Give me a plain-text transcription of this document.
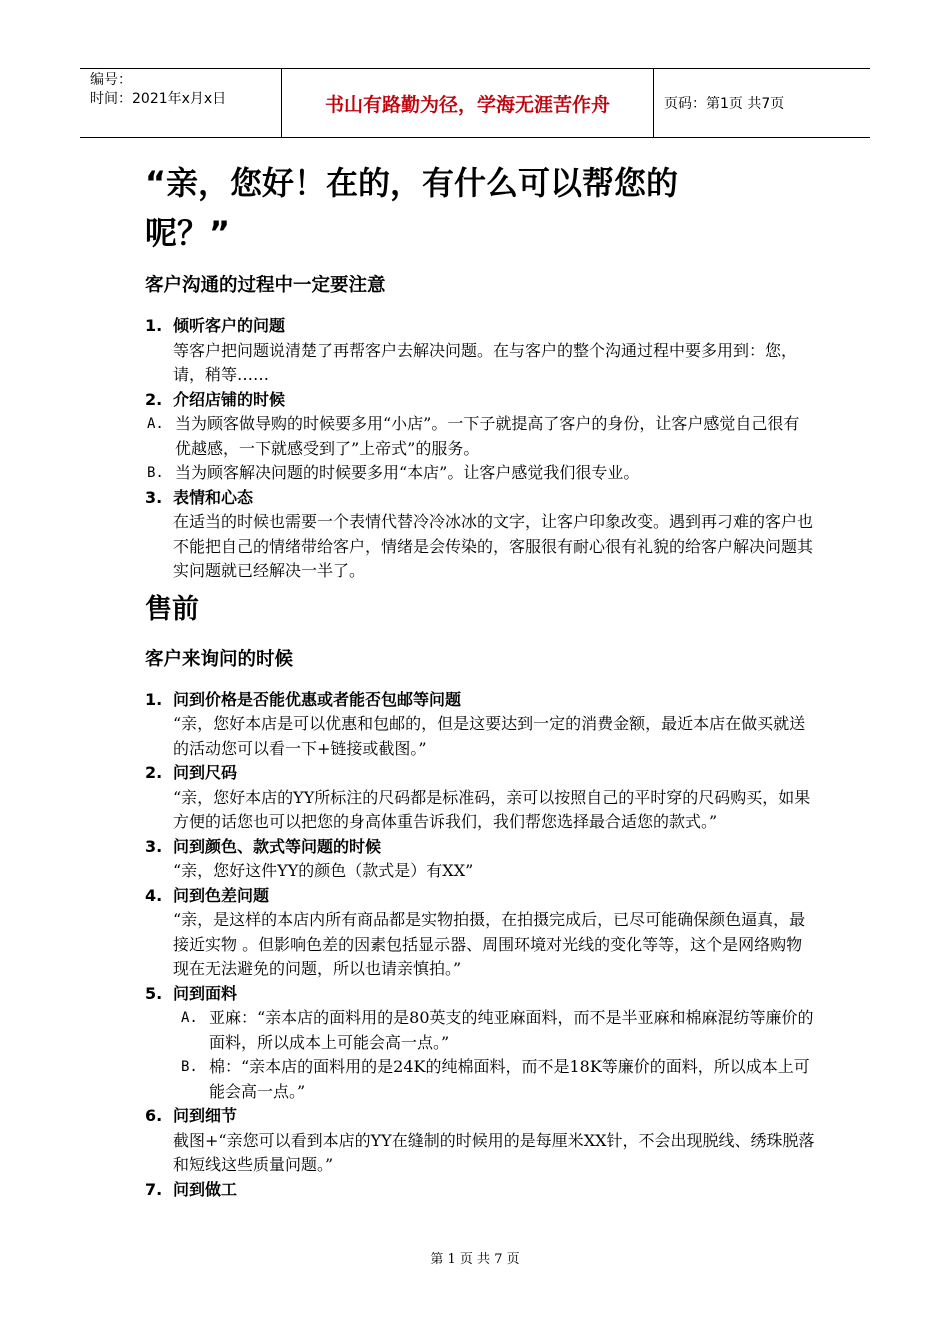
编号：
时间：2021年x月x日	书山有路勤为径，学海无涯苦作舟	页码：第1页 共7页
“亲，您好！在的，有什么可以帮您的呢？”
客户沟通的过程中一定要注意
1. 倾听客户的问题
等客户把问题说清楚了再帮客户去解决问题。在与客户的整个沟通过程中要多用到：您，请，稍等……
2. 介绍店铺的时候
A. 当为顾客做导购的时候要多用“小店”。一下子就提高了客户的身份，让客户感觉自己很有优越感，一下就感受到了”上帝式”的服务。
B. 当为顾客解决问题的时候要多用“本店”。让客户感觉我们很专业。
3. 表情和心态
在适当的时候也需要一个表情代替冷冷冰冰的文字，让客户印象改变。遇到再刁难的客户也不能把自己的情绪带给客户，情绪是会传染的，客服很有耐心很有礼貌的给客户解决问题其实问题就已经解决一半了。
售前
客户来询问的时候
1. 问到价格是否能优惠或者能否包邮等问题
“亲，您好本店是可以优惠和包邮的，但是这要达到一定的消费金额，最近本店在做买就送的活动您可以看一下+链接或截图。”
2. 问到尺码
“亲，您好本店的YY所标注的尺码都是标准码，亲可以按照自己的平时穿的尺码购买，如果方便的话您也可以把您的身高体重告诉我们，我们帮您选择最合适您的款式。”
3. 问到颜色、款式等问题的时候
“亲，您好这件YY的颜色（款式是）有XX”
4. 问到色差问题
“亲，是这样的本店内所有商品都是实物拍摄，在拍摄完成后，已尽可能确保颜色逼真，最接近实物 。但影响色差的因素包括显示器、周围环境对光线的变化等等，这个是网络购物现在无法避免的问题，所以也请亲慎拍。”
5. 问到面料
A. 亚麻：“亲本店的面料用的是80英支的纯亚麻面料，而不是半亚麻和棉麻混纺等廉价的面料，所以成本上可能会高一点。”
B. 棉：“亲本店的面料用的是24K的纯棉面料，而不是18K等廉价的面料，所以成本上可能会高一点。”
6. 问到细节
截图+“亲您可以看到本店的YY在缝制的时候用的是每厘米XX针，不会出现脱线、绣珠脱落和短线这些质量问题。”
7. 问到做工
第 1 页 共 7 页
